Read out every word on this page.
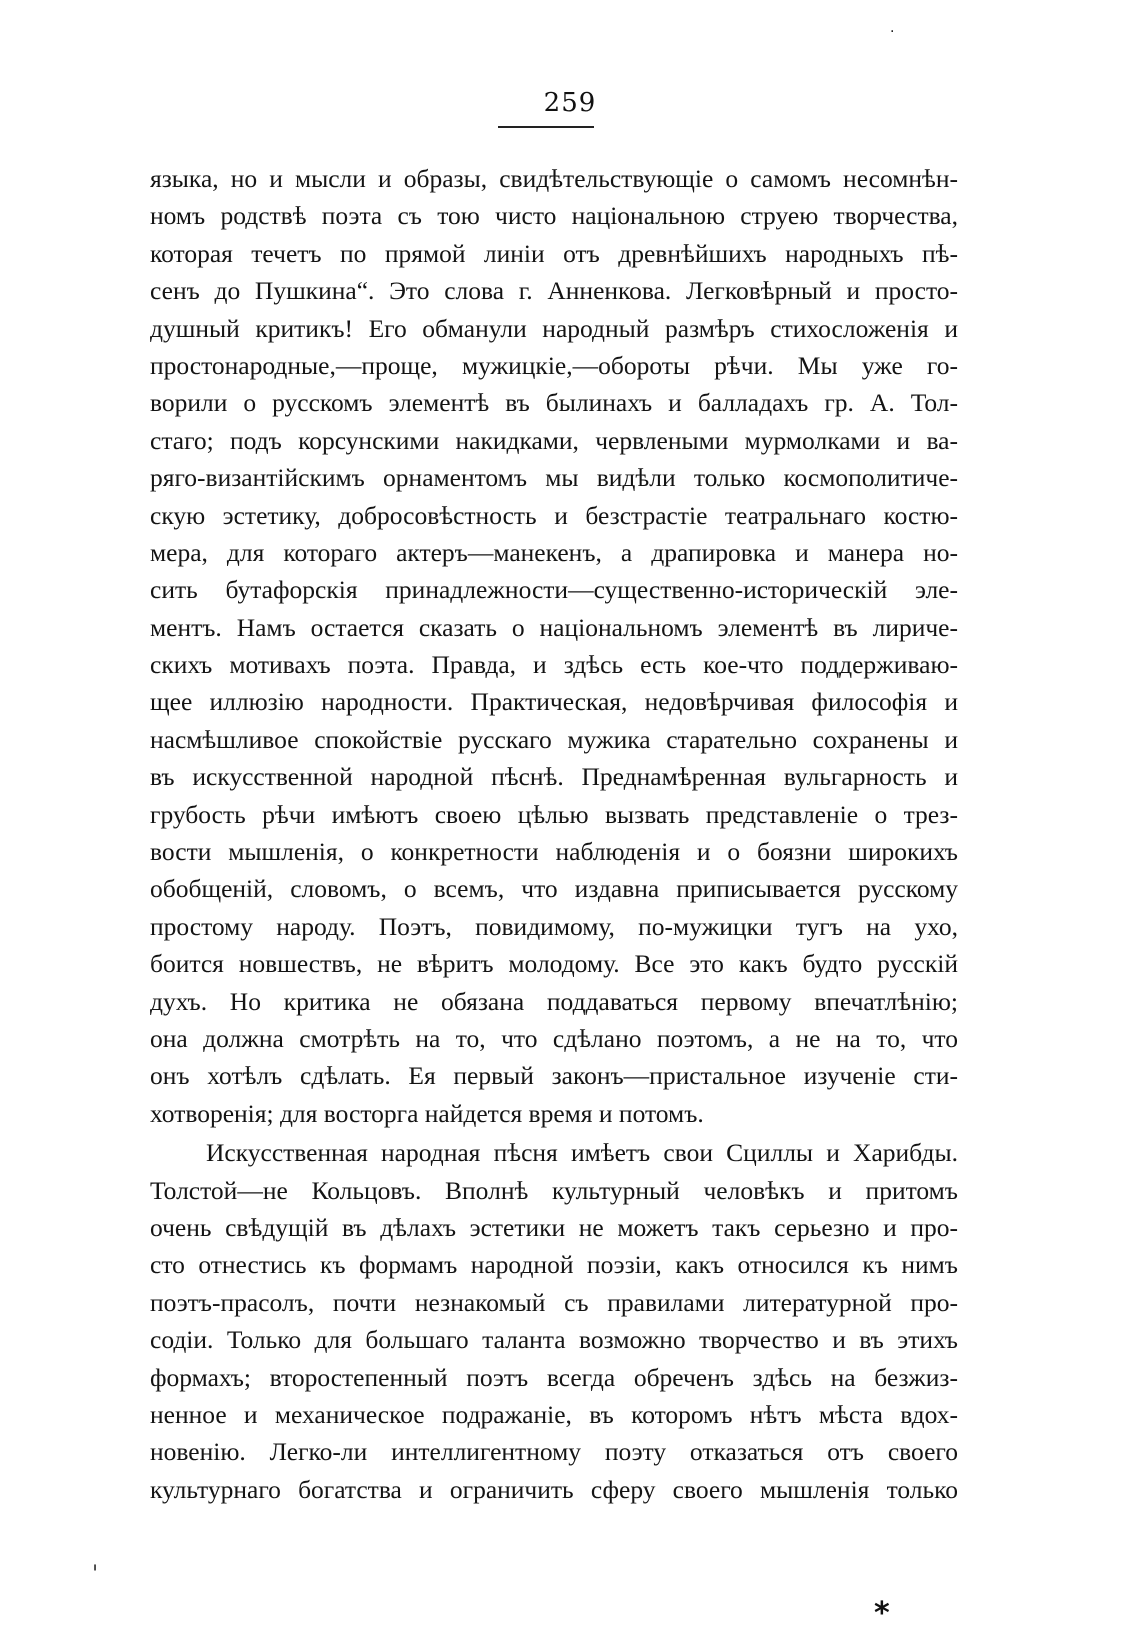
·
259
языка, но и мысли и образы, свидѣтельствующіе о самомъ несомнѣн-
номъ родствѣ поэта съ тою чисто національною струею творчества,
которая течетъ по прямой линіи отъ древнѣйшихъ народныхъ пѣ-
сенъ до Пушкина“. Это слова г. Анненкова. Легковѣрный и просто-
душный критикъ! Его обманули народный размѣръ стихосложенія и
простонародные,—проще, мужицкіе,—обороты рѣчи. Мы уже го-
ворили о русскомъ элементѣ въ былинахъ и балладахъ гр. А. Тол-
стаго; подъ корсунскими накидками, червлеными мурмолками и ва-
ряго-византійскимъ орнаментомъ мы видѣли только космополитиче-
скую эстетику, добросовѣстность и безстрастіе театральнаго костю-
мера, для котораго актеръ—манекенъ, а драпировка и манера но-
сить бутафорскія принадлежности—существенно-историческій эле-
ментъ. Намъ остается сказать о національномъ элементѣ въ лириче-
скихъ мотивахъ поэта. Правда, и здѣсь есть кое-что поддерживаю-
щее иллюзію народности. Практическая, недовѣрчивая философія и
насмѣшливое спокойствіе русскаго мужика старательно сохранены и
въ искусственной народной пѣснѣ. Преднамѣренная вульгарность и
грубость рѣчи имѣютъ своею цѣлью вызвать представленіе о трез-
вости мышленія, о конкретности наблюденія и о боязни широкихъ
обобщеній, словомъ, о всемъ, что издавна приписывается русскому
простому народу. Поэтъ, повидимому, по-мужицки тугъ на ухо,
боится новшествъ, не вѣритъ молодому. Все это какъ будто русскій
духъ. Но критика не обязана поддаваться первому впечатлѣнію;
она должна смотрѣть на то, что сдѣлано поэтомъ, а не на то, что
онъ хотѣлъ сдѣлать. Ея первый законъ—пристальное изученіе сти-
хотворенія; для восторга найдется время и потомъ.
Искусственная народная пѣсня имѣетъ свои Сциллы и Харибды.
Толстой—не Кольцовъ. Вполнѣ культурный человѣкъ и притомъ
очень свѣдущій въ дѣлахъ эстетики не можетъ такъ серьезно и про-
сто отнестись къ формамъ народной поэзіи, какъ относился къ нимъ
поэтъ-прасолъ, почти незнакомый съ правилами литературной про-
содіи. Только для большаго таланта возможно творчество и въ этихъ
формахъ; второстепенный поэтъ всегда обреченъ здѣсь на безжиз-
ненное и механическое подражаніе, въ которомъ нѣтъ мѣста вдох-
новенію. Легко-ли интеллигентному поэту отказаться отъ своего
культурнаго богатства и ограничить сферу своего мышленія только
ˌ
*
